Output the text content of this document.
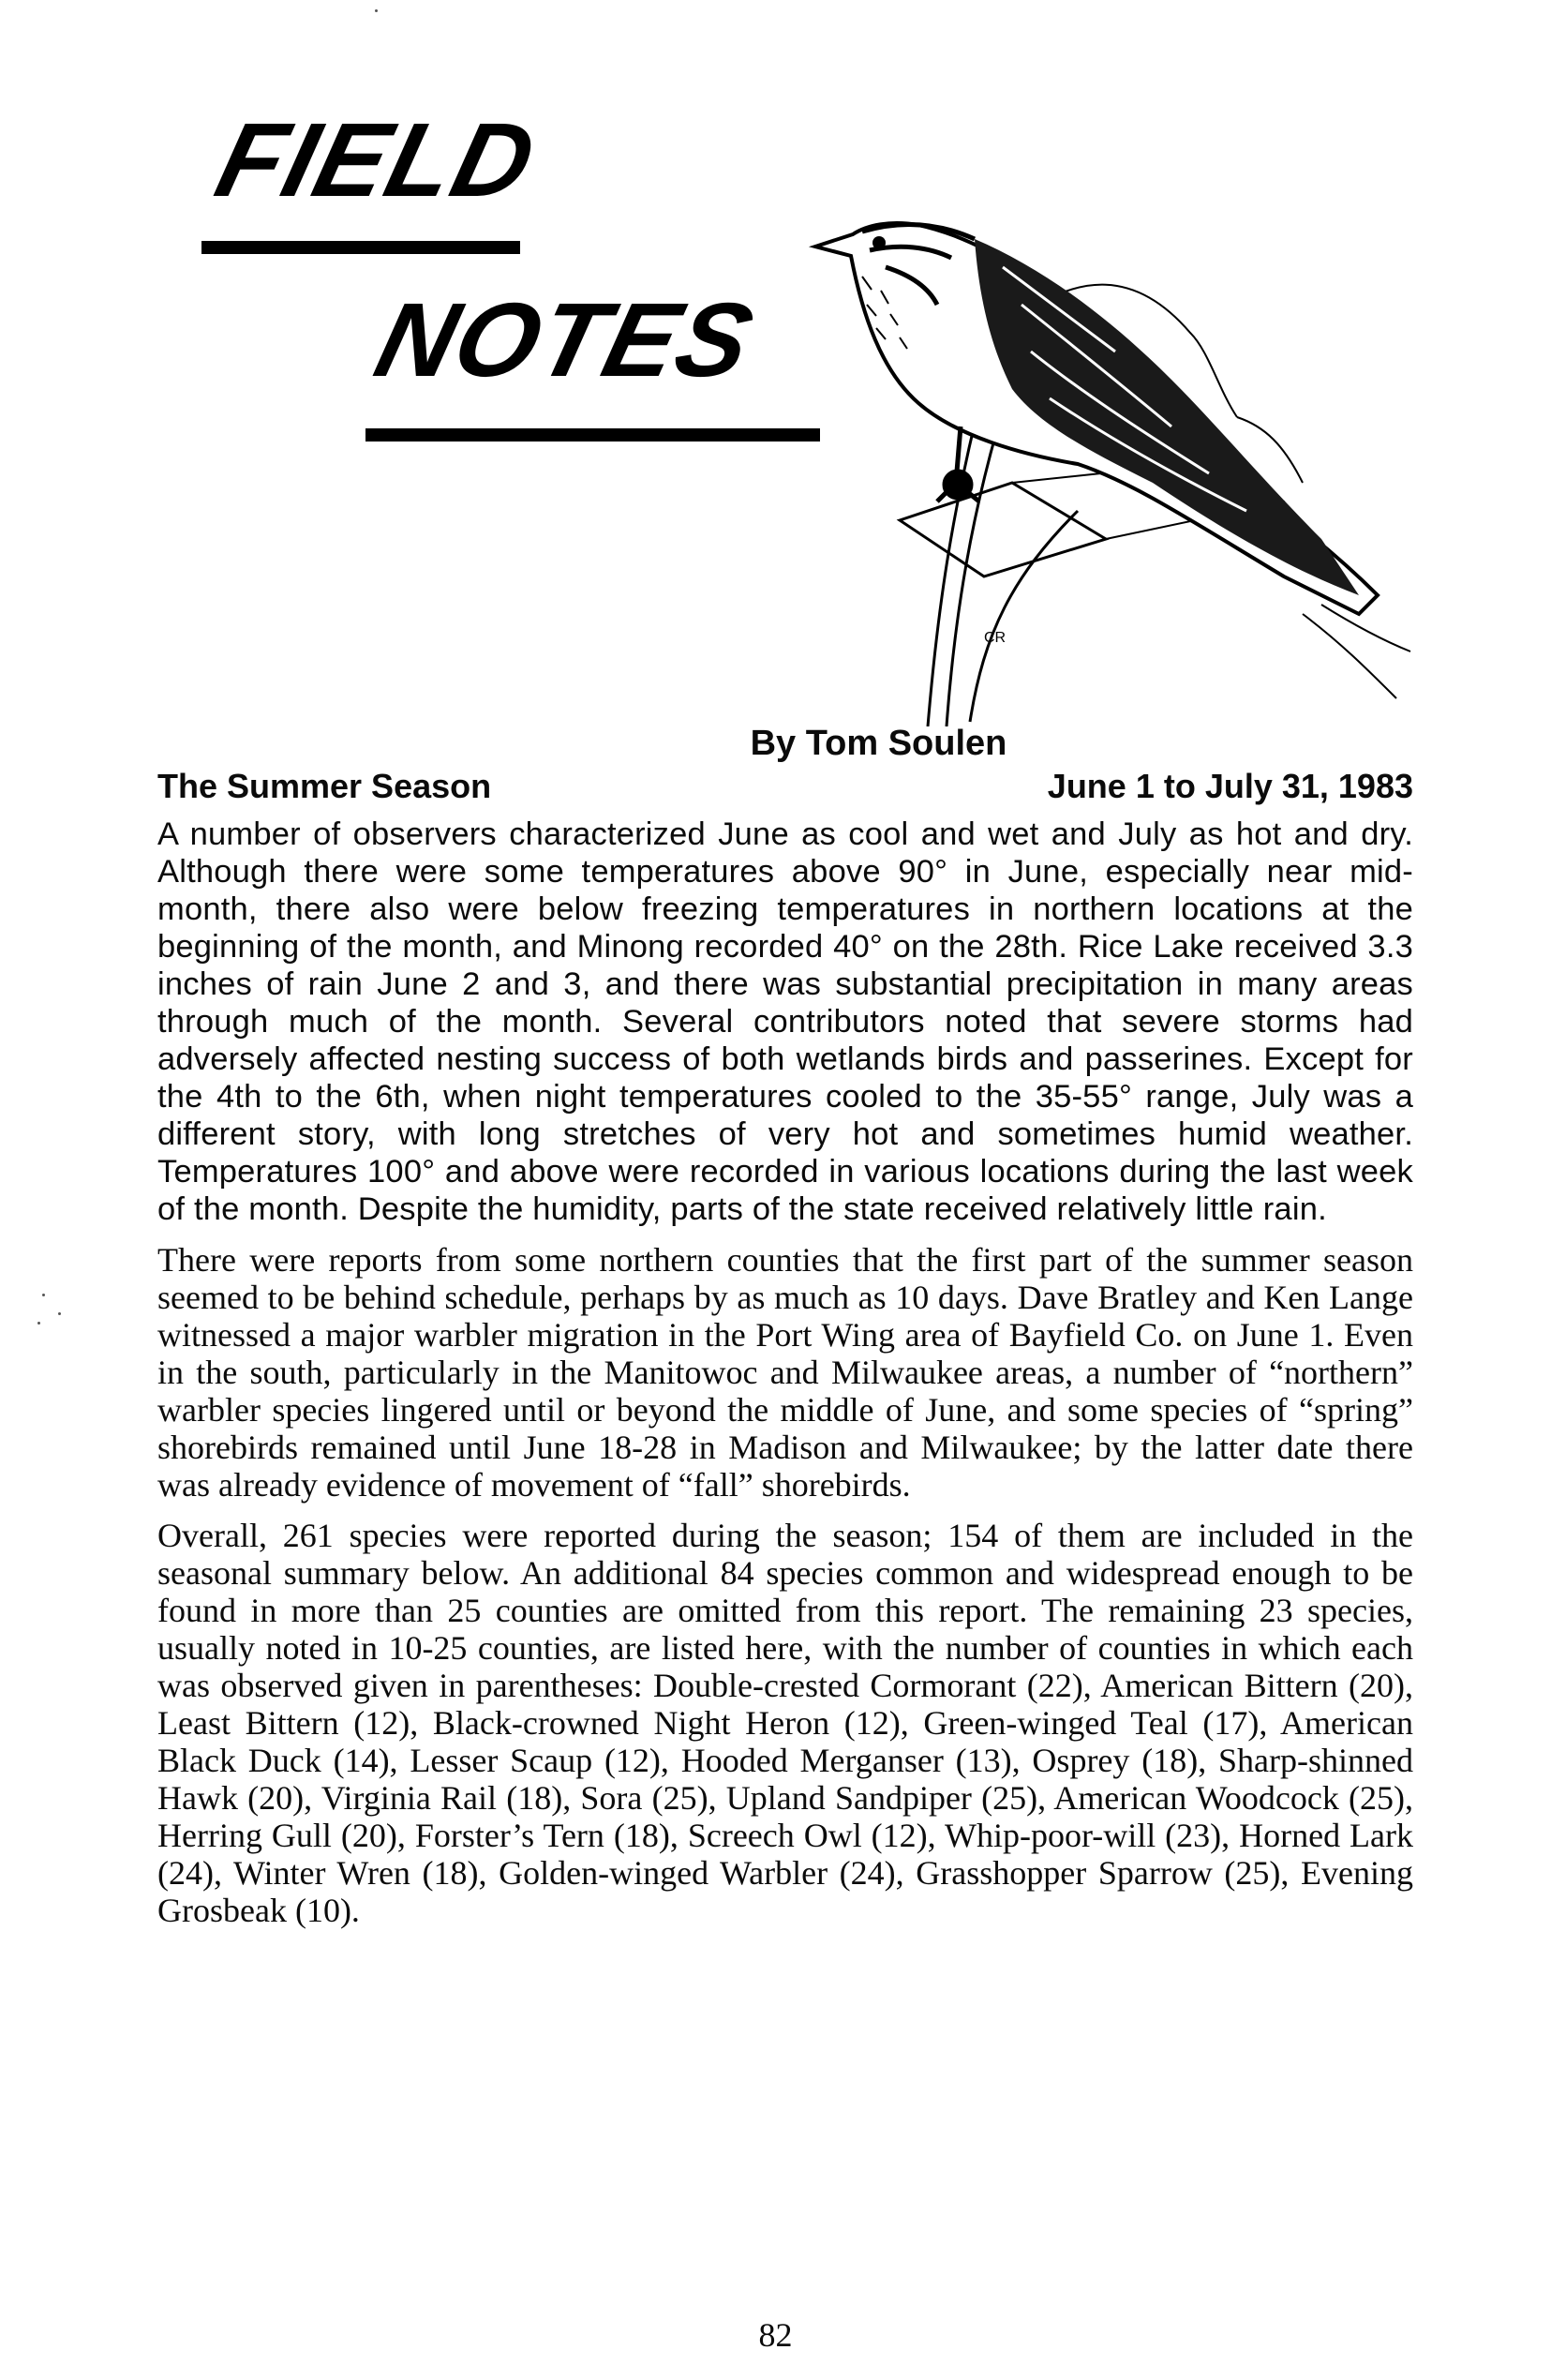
FIELD
NOTES
CR
By Tom Soulen
The Summer Season	June 1 to July 31, 1983

A number of observers characterized June as cool and wet and July as hot and dry. Although there were some temperatures above 90° in June, especially near mid-month, there also were below freezing temperatures in northern locations at the beginning of the month, and Minong recorded 40° on the 28th. Rice Lake received 3.3 inches of rain June 2 and 3, and there was substantial precipitation in many areas through much of the month. Several contributors noted that severe storms had adversely affected nesting success of both wetlands birds and passerines. Except for the 4th to the 6th, when night temperatures cooled to the 35-55° range, July was a different story, with long stretches of very hot and sometimes humid weather. Temperatures 100° and above were recorded in various locations during the last week of the month. Despite the humidity, parts of the state received relatively little rain.

There were reports from some northern counties that the first part of the summer season seemed to be behind schedule, perhaps by as much as 10 days. Dave Bratley and Ken Lange witnessed a major warbler migration in the Port Wing area of Bayfield Co. on June 1. Even in the south, particularly in the Manitowoc and Milwaukee areas, a number of “northern” warbler species lingered until or beyond the middle of June, and some species of “spring” shorebirds remained until June 18-28 in Madison and Milwaukee; by the latter date there was already evidence of movement of “fall” shorebirds.

Overall, 261 species were reported during the season; 154 of them are included in the seasonal summary below. An additional 84 species common and widespread enough to be found in more than 25 counties are omitted from this report. The remaining 23 species, usually noted in 10-25 counties, are listed here, with the number of counties in which each was observed given in parentheses: Double-crested Cormorant (22), American Bittern (20), Least Bittern (12), Black-crowned Night Heron (12), Green-winged Teal (17), American Black Duck (14), Lesser Scaup (12), Hooded Merganser (13), Osprey (18), Sharp-shinned Hawk (20), Virginia Rail (18), Sora (25), Upland Sandpiper (25), American Woodcock (25), Herring Gull (20), Forster’s Tern (18), Screech Owl (12), Whip-poor-will (23), Horned Lark (24), Winter Wren (18), Golden-winged Warbler (24), Grasshopper Sparrow (25), Evening Grosbeak (10).

82
